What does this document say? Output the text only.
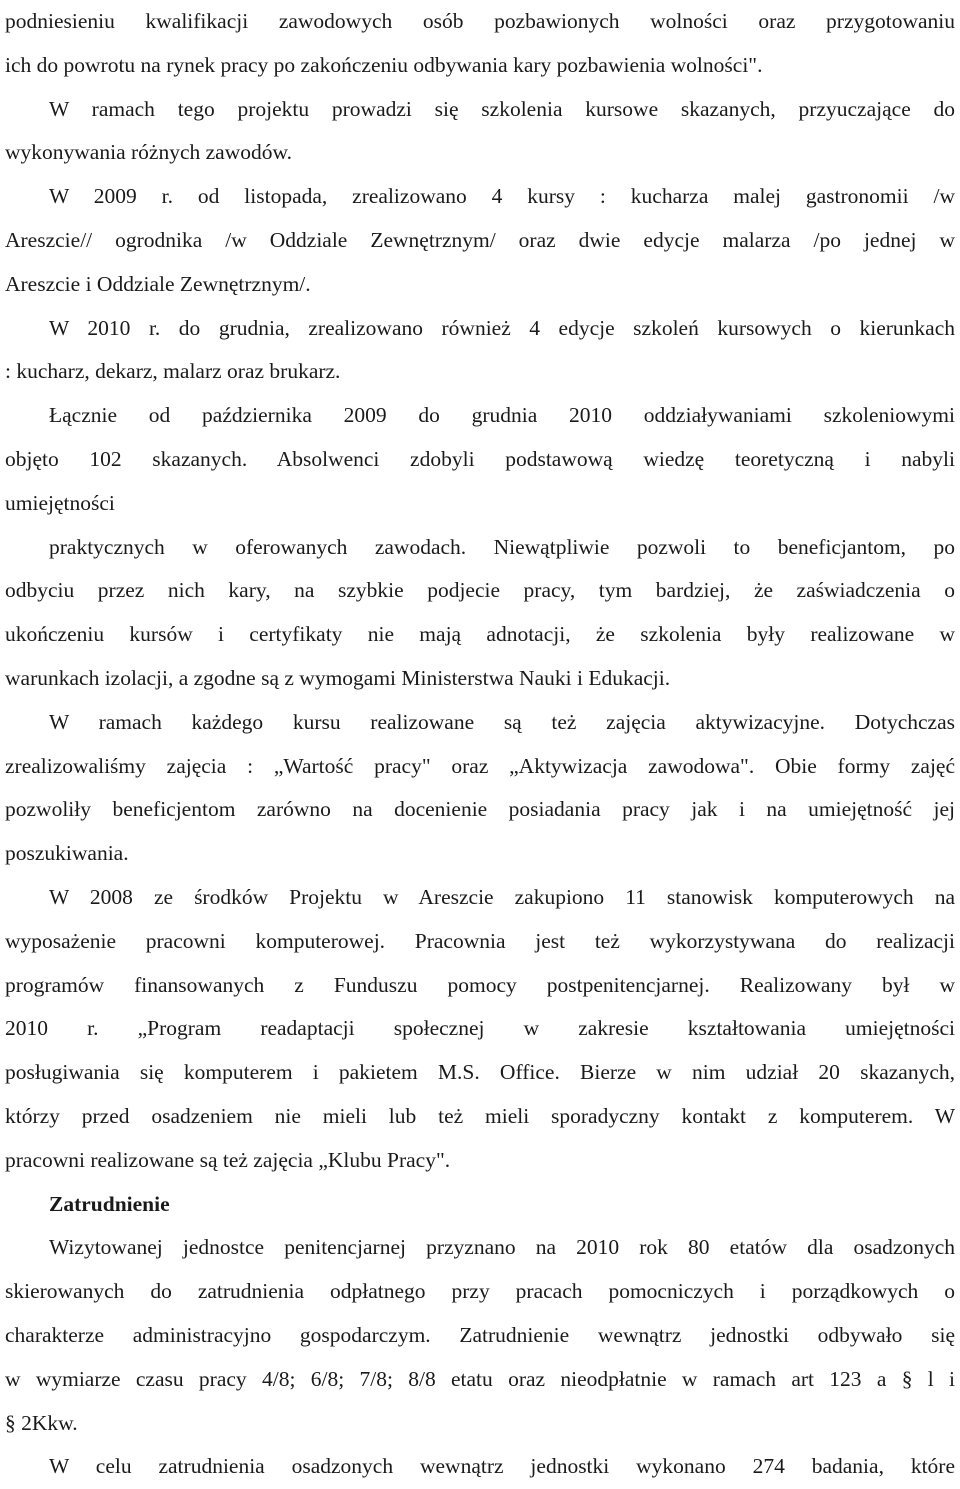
podniesieniu kwalifikacji zawodowych osób pozbawionych wolności oraz przygotowaniu
ich do powrotu na rynek pracy po zakończeniu odbywania kary pozbawienia wolności".
W ramach tego projektu prowadzi się szkolenia kursowe skazanych, przyuczające do
wykonywania różnych zawodów.
W 2009 r. od listopada, zrealizowano 4 kursy : kucharza malej gastronomii /w
Areszcie// ogrodnika /w Oddziale Zewnętrznym/ oraz dwie edycje malarza /po jednej w
Areszcie i Oddziale Zewnętrznym/.
W 2010 r. do grudnia, zrealizowano również 4 edycje szkoleń kursowych o kierunkach
: kucharz, dekarz, malarz oraz brukarz.
Łącznie od października 2009 do grudnia 2010 oddziaływaniami szkoleniowymi
objęto 102 skazanych. Absolwenci zdobyli podstawową wiedzę teoretyczną i nabyli
umiejętności
praktycznych w oferowanych zawodach. Niewątpliwie pozwoli to beneficjantom, po
odbyciu przez nich kary, na szybkie podjecie pracy, tym bardziej, że zaświadczenia o
ukończeniu kursów i certyfikaty nie mają adnotacji, że szkolenia były realizowane w
warunkach izolacji, a zgodne są z wymogami Ministerstwa Nauki i Edukacji.
W ramach każdego kursu realizowane są też zajęcia aktywizacyjne. Dotychczas
zrealizowaliśmy zajęcia : „Wartość pracy" oraz „Aktywizacja zawodowa". Obie formy zajęć
pozwoliły beneficjentom zarówno na docenienie posiadania pracy jak i na umiejętność jej
poszukiwania.
W 2008 ze środków Projektu w Areszcie zakupiono 11 stanowisk komputerowych na
wyposażenie pracowni komputerowej. Pracownia jest też wykorzystywana do realizacji
programów finansowanych z Funduszu pomocy postpenitencjarnej. Realizowany był w
2010 r. „Program readaptacji społecznej w zakresie kształtowania umiejętności
posługiwania się komputerem i pakietem M.S. Office. Bierze w nim udział 20 skazanych,
którzy przed osadzeniem nie mieli lub też mieli sporadyczny kontakt z komputerem. W
pracowni realizowane są też zajęcia „Klubu Pracy".
Zatrudnienie
Wizytowanej jednostce penitencjarnej przyznano na 2010 rok 80 etatów dla osadzonych
skierowanych do zatrudnienia odpłatnego przy pracach pomocniczych i porządkowych o
charakterze administracyjno gospodarczym. Zatrudnienie wewnątrz jednostki odbywało się
w wymiarze czasu pracy 4/8; 6/8; 7/8; 8/8 etatu oraz nieodpłatnie w ramach art 123 a § l i
§ 2Kkw.
W celu zatrudnienia osadzonych wewnątrz jednostki wykonano 274 badania, które
